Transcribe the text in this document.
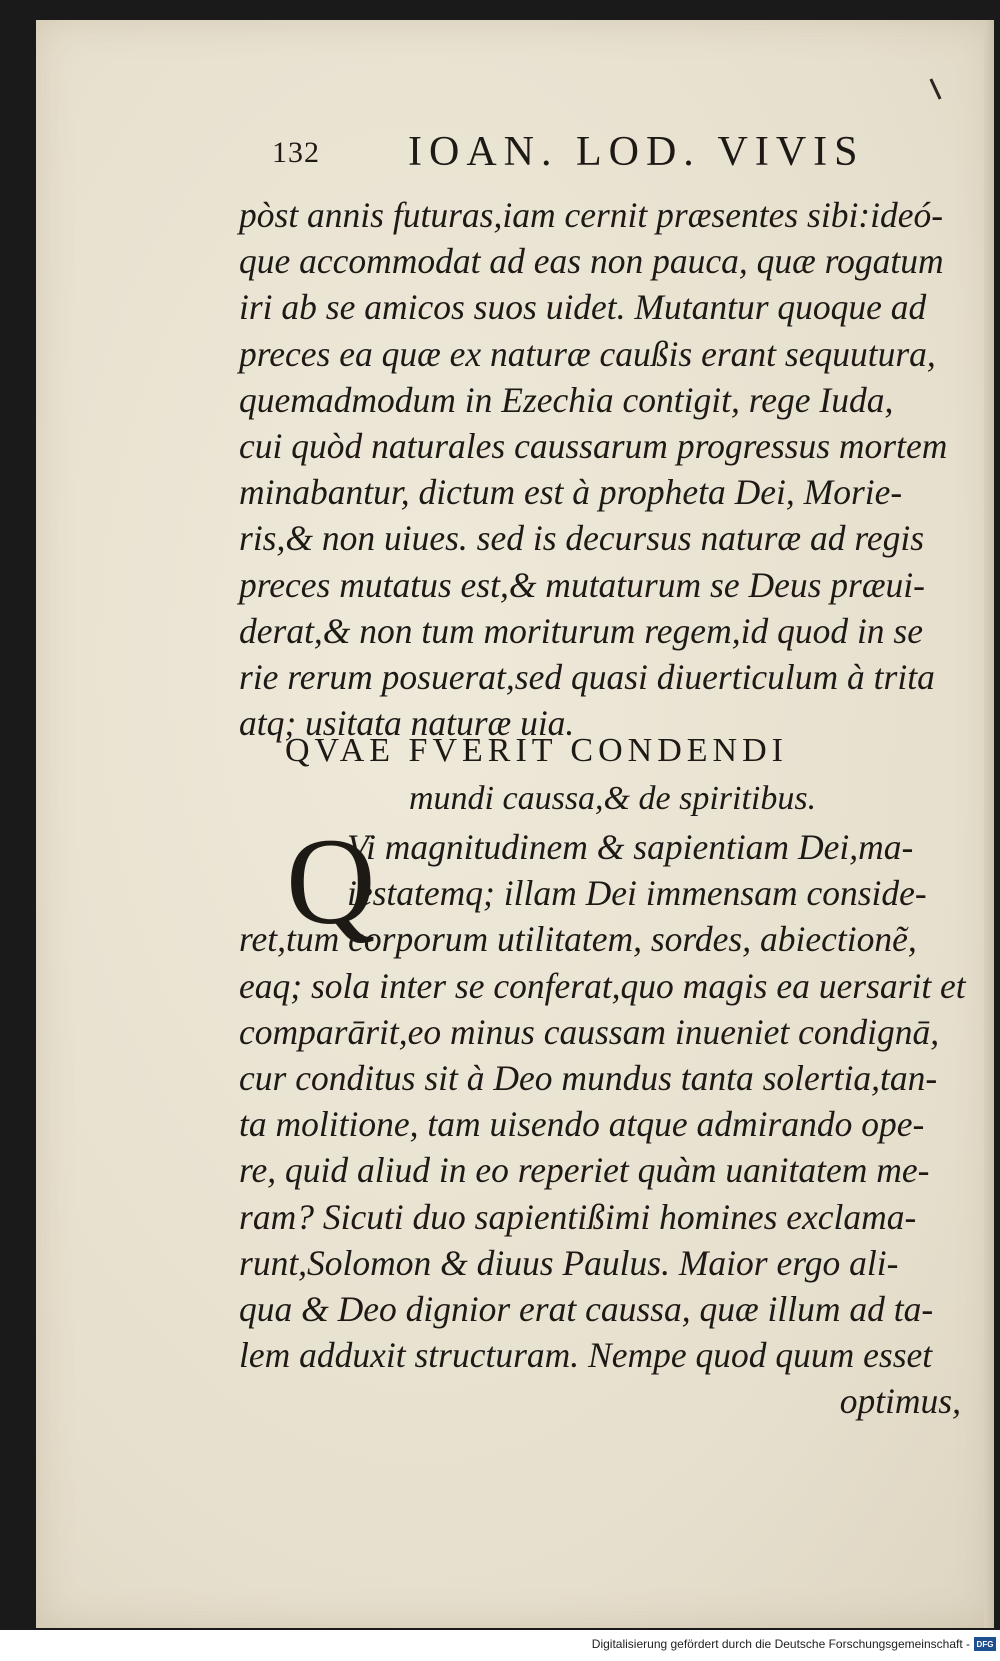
132 IOAN. LOD. VIVIS
pòst annis futuras,iam cernit præsentes sibi:ideó-
que accommodat ad eas non pauca, quæ rogatum
iri ab se amicos suos uidet. Mutantur quoque ad
preces ea quæ ex naturæ caußis erant sequutura,
quemadmodum in Ezechia contigit, rege Iuda,
cui quòd naturales caussarum progressus mortem
minabantur, dictum est à propheta Dei, Morie-
ris,& non uiues. sed is decursus naturæ ad regis
preces mutatus est,& mutaturum se Deus præui-
derat,& non tum moriturum regem,id quod in se
rie rerum posuerat,sed quasi diuerticulum à trita
atq; usitata naturæ uia.
QVAE FVERIT CONDENDI
mundi caussa,& de spiritibus.
Q
Vi magnitudinem & sapientiam Dei,ma-
iestatemq; illam Dei immensam conside-
ret,tum corporum utilitatem, sordes, abiectionẽ,
eaq; sola inter se conferat,quo magis ea uersarit et
comparārit,eo minus caussam inueniet condignā,
cur conditus sit à Deo mundus tanta solertia,tan-
ta molitione, tam uisendo atque admirando ope-
re, quid aliud in eo reperiet quàm uanitatem me-
ram? Sicuti duo sapientißimi homines exclama-
runt,Solomon & diuus Paulus. Maior ergo ali-
qua & Deo dignior erat caussa, quæ illum ad ta-
lem adduxit structuram. Nempe quod quum esset
optimus,
Digitalisierung gefördert durch die Deutsche Forschungsgemeinschaft - DFG
